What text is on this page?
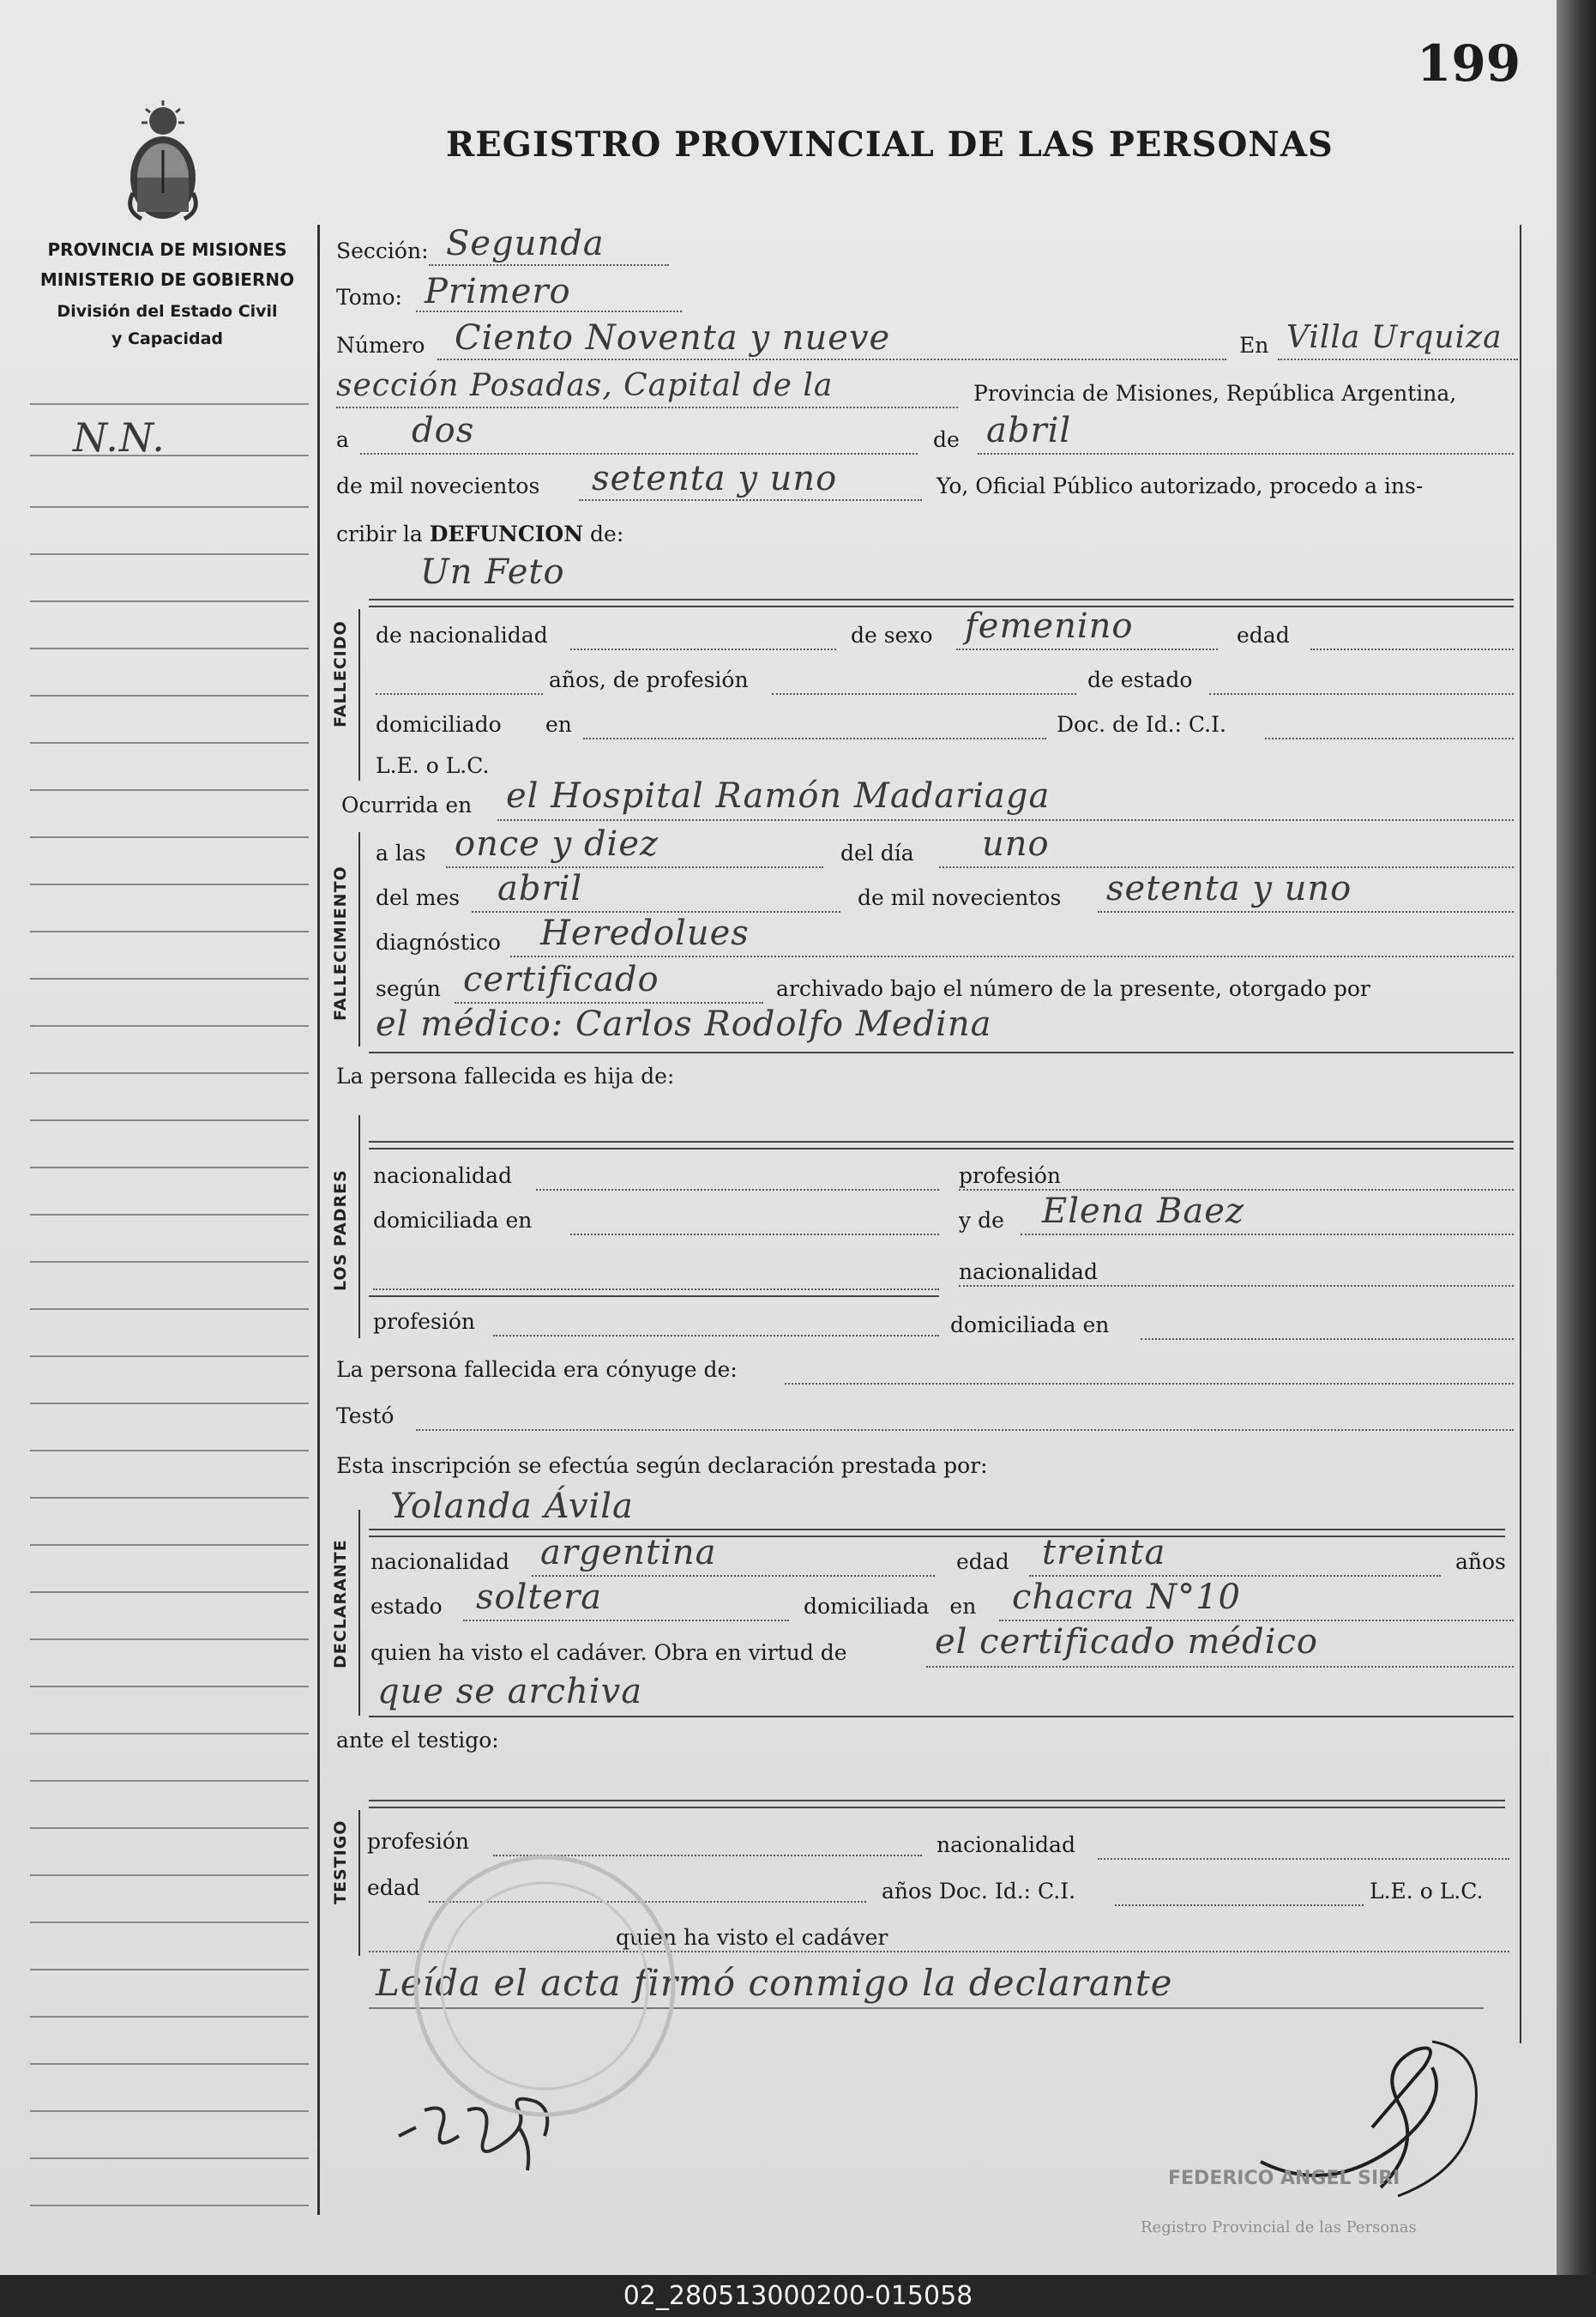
199
REGISTRO PROVINCIAL DE LAS PERSONAS
PROVINCIA DE MISIONES
MINISTERIO DE GOBIERNO
División del Estado Civil
y Capacidad
N.N.
FALLECIDO
FALLECIMIENTO
LOS PADRES
DECLARANTE
TESTIGO
Sección: Segunda
Tomo: Primero
Número Ciento Noventa y nueve	En Villa Urquiza
sección Posadas, Capital de la	Provincia de Misiones, República Argentina,
a dos	de abril
de mil novecientos setenta y uno	Yo, Oficial Público autorizado, procedo a ins-
cribir la DEFUNCION de:
Un Feto
de nacionalidad	de sexo femenino	edad
años, de profesión	de estado
domiciliado en	Doc. de Id.: C.I.
L.E. o L.C.
Ocurrida en el Hospital Ramón Madariaga
a las once y diez	del día uno
del mes abril	de mil novecientos setenta y uno
diagnóstico Heredolues
según certificado	archivado bajo el número de la presente, otorgado por
el médico: Carlos Rodolfo Medina
La persona fallecida es hija de:
nacionalidad	profesión
domiciliada en	y de Elena Baez
nacionalidad
profesión	domiciliada en
La persona fallecida era cónyuge de:
Testó
Esta inscripción se efectúa según declaración prestada por:
Yolanda Ávila
nacionalidad argentina	edad treinta	años
estado soltera	domiciliada en chacra N°10
quien ha visto el cadáver. Obra en virtud de	el certificado médico
que se archiva
ante el testigo:
profesión	nacionalidad
edad	años Doc. Id.: C.I.	L.E. o L.C.
quien ha visto el cadáver
Leída el acta firmó conmigo la declarante
FEDERICO ANGEL SIRI
Registro Provincial de las Personas
02_280513000200-015058
